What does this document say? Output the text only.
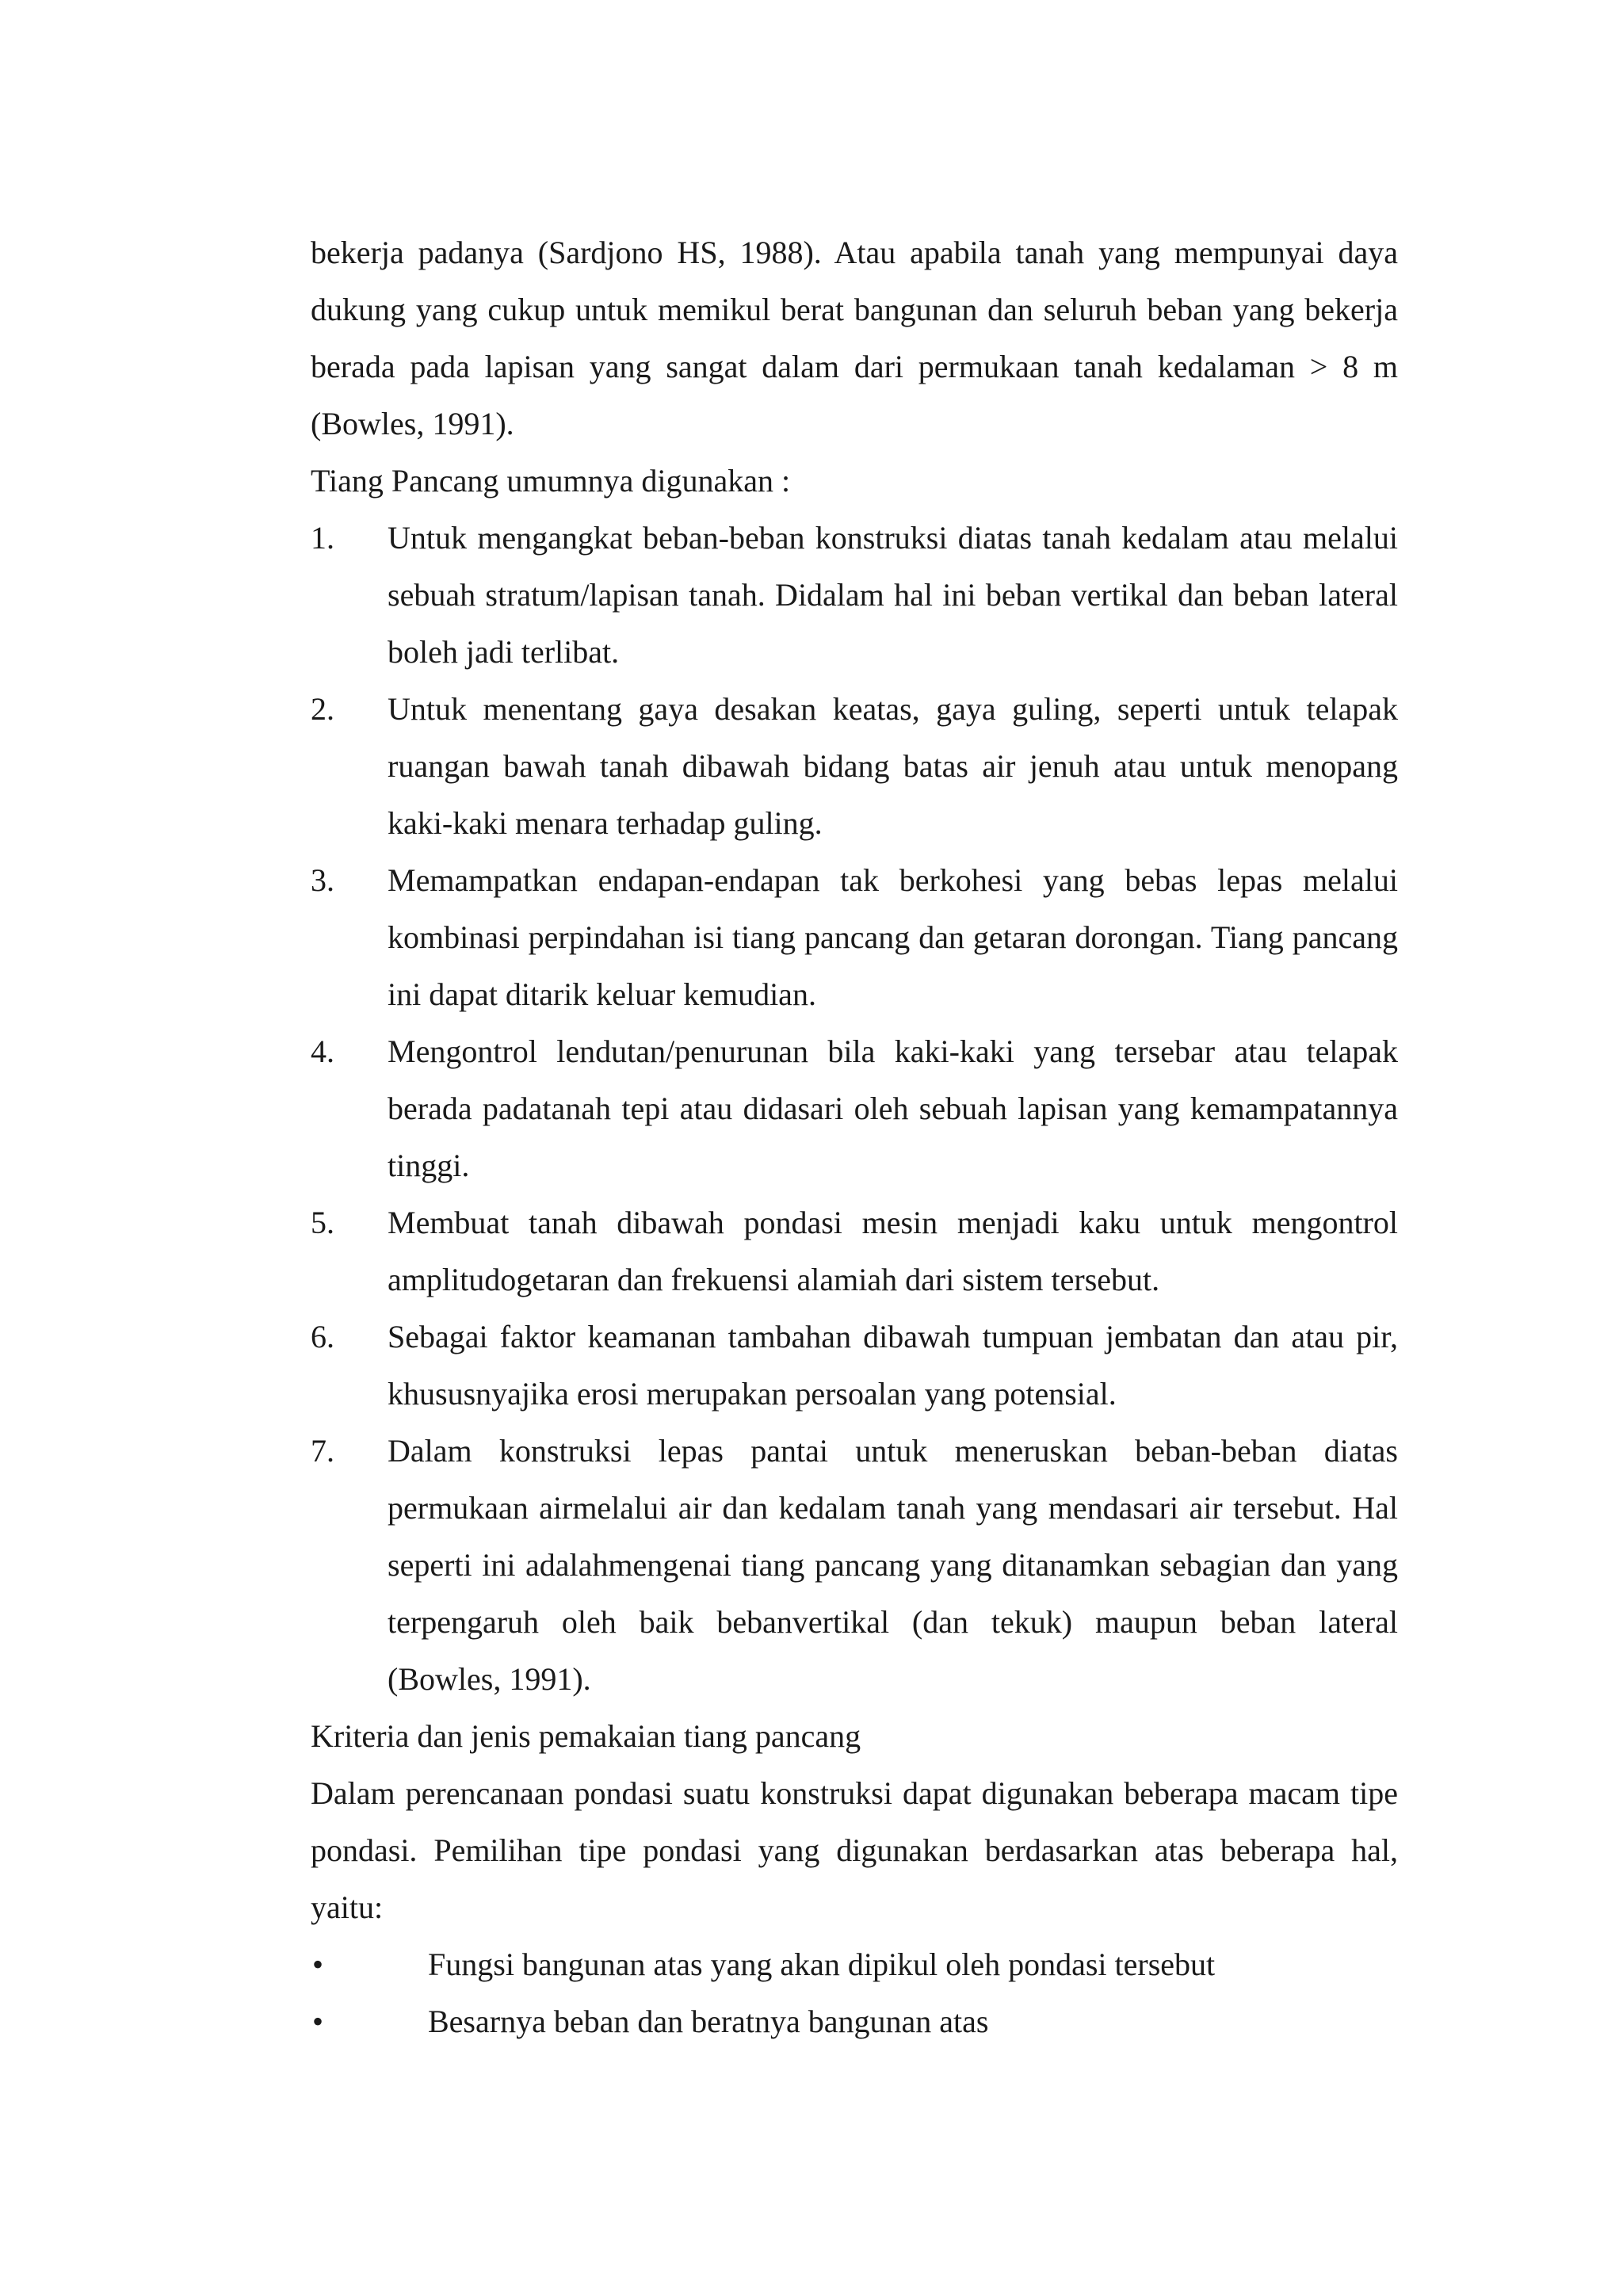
bekerja padanya (Sardjono HS, 1988). Atau apabila tanah yang mempunyai daya dukung yang cukup untuk memikul berat bangunan dan seluruh beban yang bekerja berada pada lapisan yang sangat dalam dari permukaan tanah kedalaman > 8 m (Bowles, 1991).

Tiang Pancang umumnya digunakan :

1.	Untuk mengangkat beban-beban konstruksi diatas tanah kedalam atau melalui sebuah stratum/lapisan tanah. Didalam hal ini beban vertikal dan beban lateral boleh jadi terlibat.
2.	Untuk menentang gaya desakan keatas, gaya guling, seperti untuk telapak ruangan bawah tanah dibawah bidang batas air jenuh atau untuk menopang kaki-kaki menara terhadap guling.
3.	Memampatkan endapan-endapan tak berkohesi yang bebas lepas melalui kombinasi perpindahan isi tiang pancang dan getaran dorongan. Tiang pancang ini dapat ditarik keluar kemudian.
4.	Mengontrol lendutan/penurunan bila kaki-kaki yang tersebar atau telapak berada padatanah tepi atau didasari oleh sebuah lapisan yang kemampatannya tinggi.
5.	Membuat tanah dibawah pondasi mesin menjadi kaku untuk mengontrol amplitudogetaran dan frekuensi alamiah dari sistem tersebut.
6.	Sebagai faktor keamanan tambahan dibawah tumpuan jembatan dan atau pir, khususnyajika erosi merupakan persoalan yang potensial.
7.	Dalam konstruksi lepas pantai untuk meneruskan beban-beban diatas permukaan airmelalui air dan kedalam tanah yang mendasari air tersebut. Hal seperti ini adalahmengenai tiang pancang yang ditanamkan sebagian dan yang terpengaruh oleh baik bebanvertikal (dan tekuk) maupun beban lateral (Bowles, 1991).

Kriteria dan jenis pemakaian tiang pancang

Dalam perencanaan pondasi suatu konstruksi dapat digunakan beberapa macam tipe pondasi. Pemilihan tipe pondasi yang digunakan berdasarkan atas beberapa hal, yaitu:

•	Fungsi bangunan atas yang akan dipikul oleh pondasi tersebut
•	Besarnya beban dan beratnya bangunan atas
